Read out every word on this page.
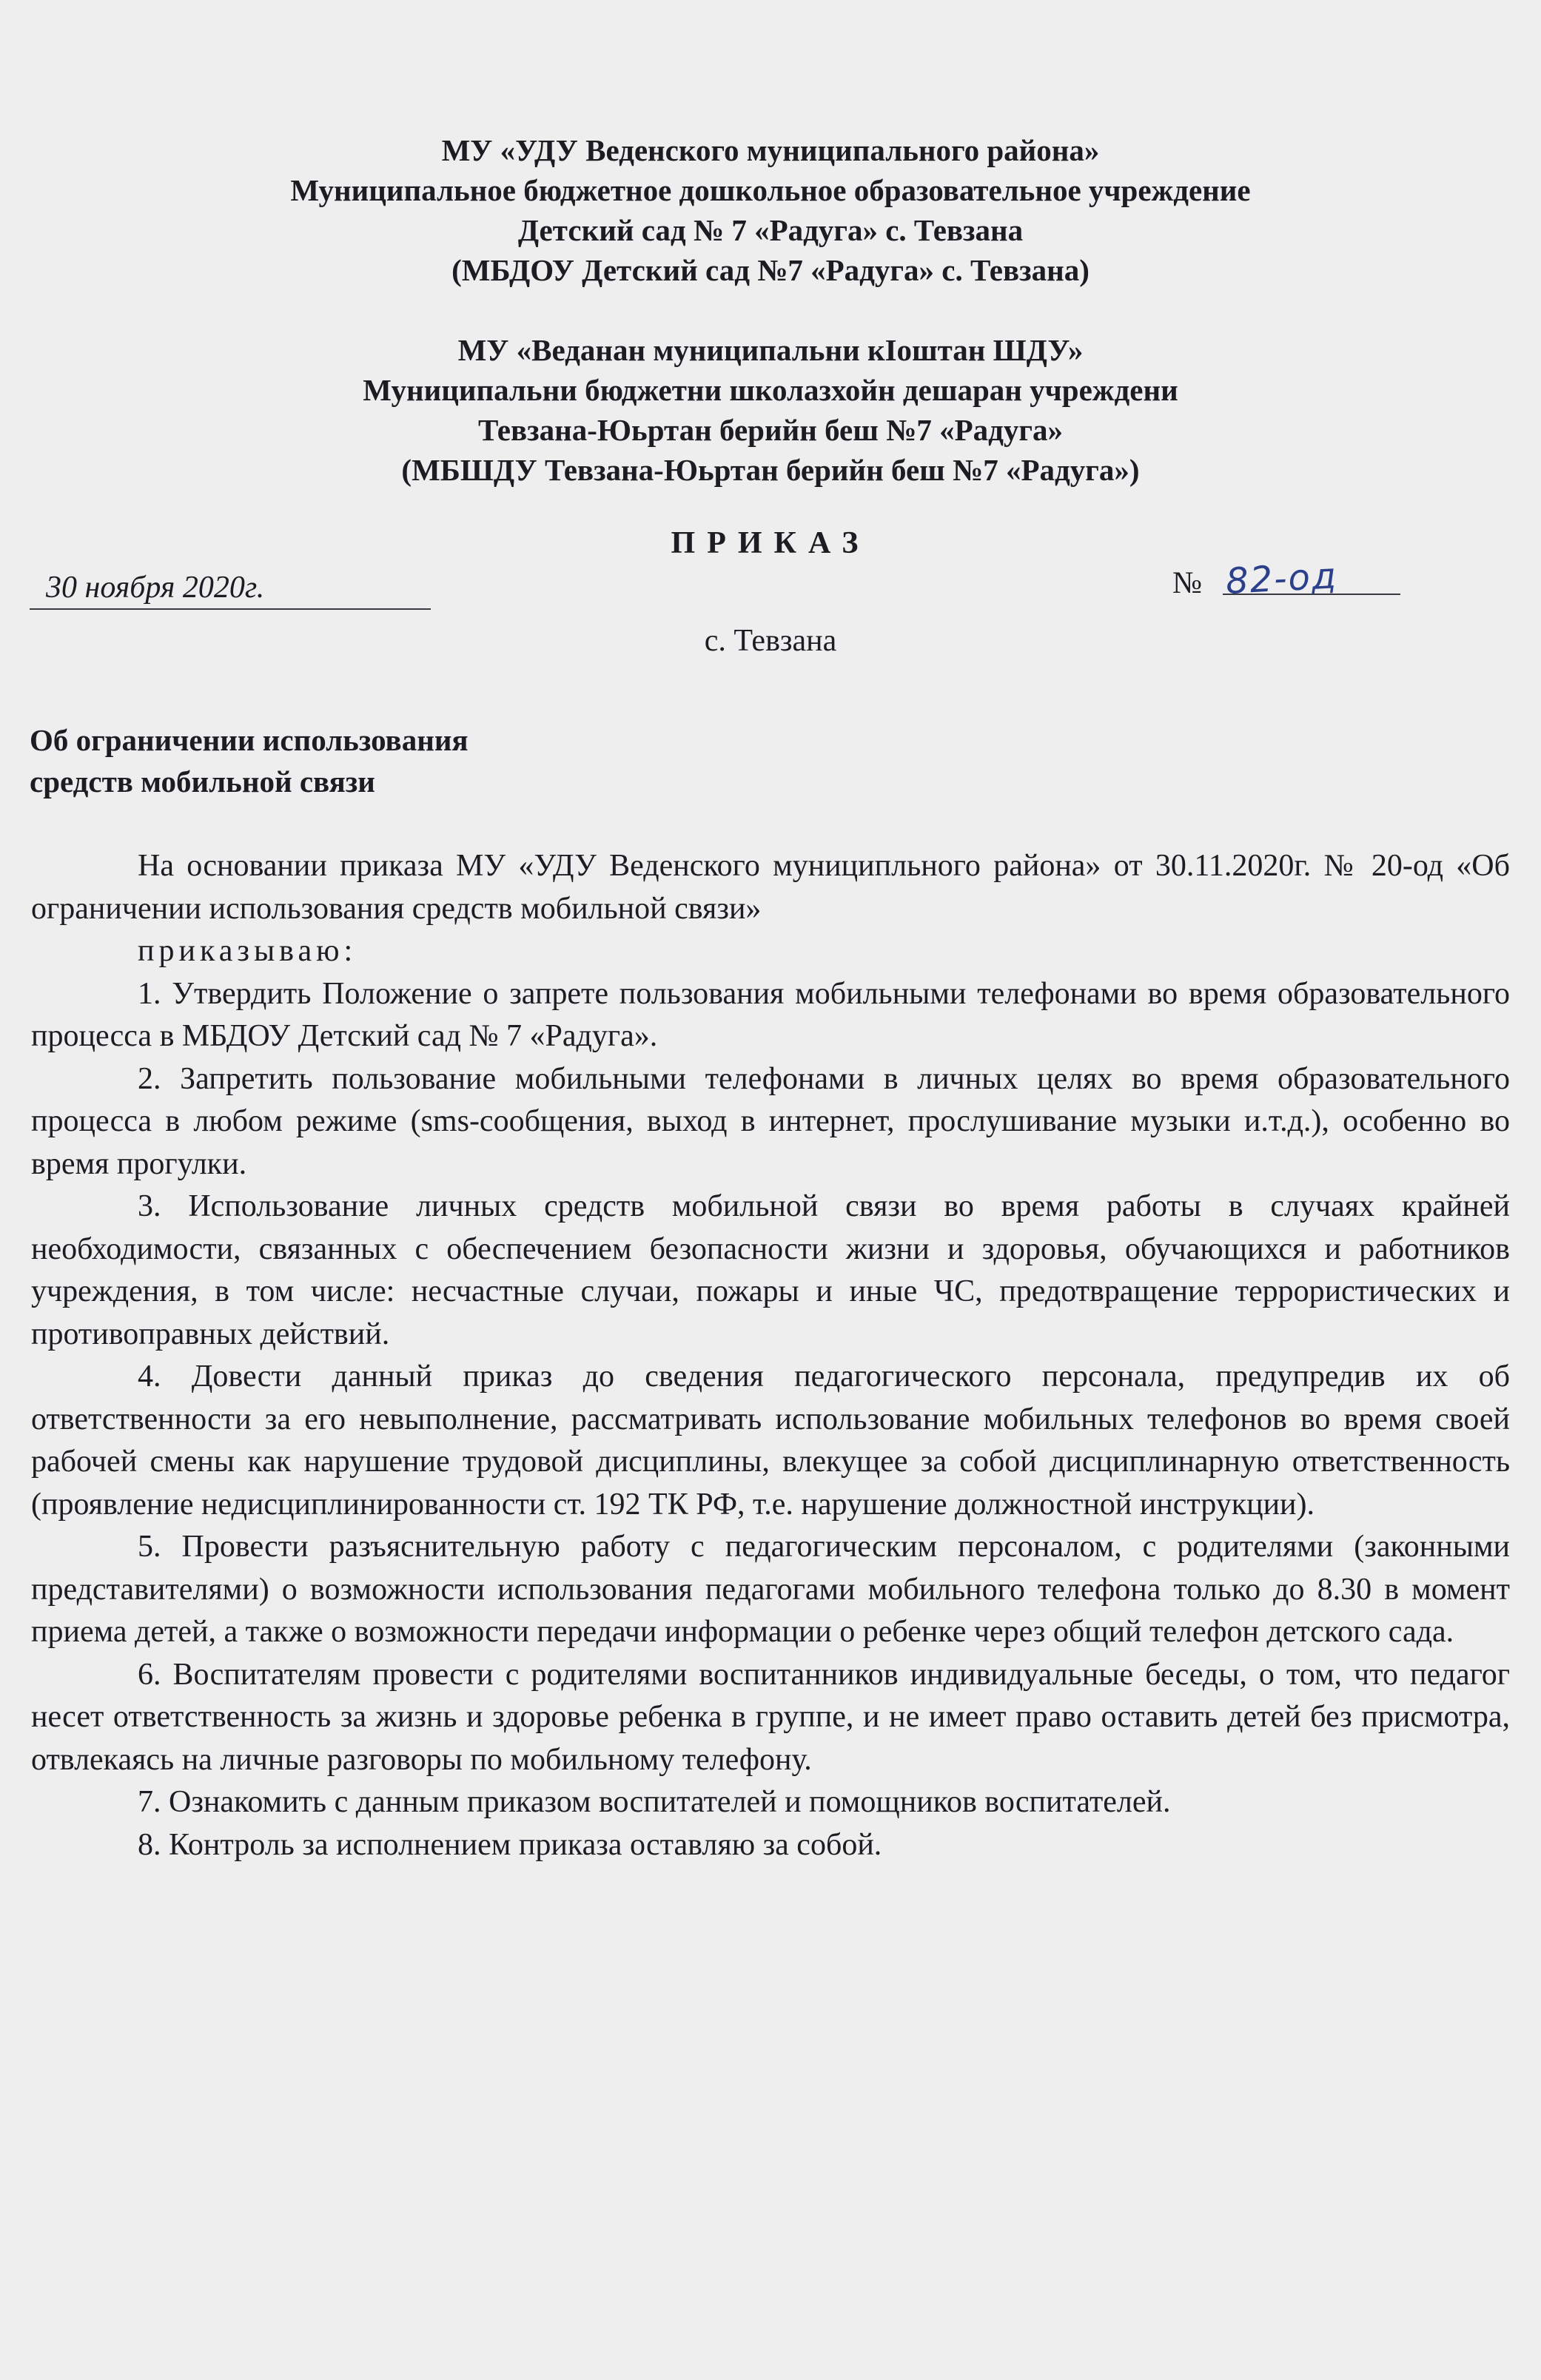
МУ «УДУ Веденского муниципального района»
Муниципальное бюджетное дошкольное образовательное учреждение
Детский сад № 7 «Радуга» с. Тевзана
(МБДОУ Детский сад №7 «Радуга» с. Тевзана)
МУ «Веданан муниципальни кIоштан ШДУ»
Муниципальни бюджетни школазхойн дешаран учреждени
Тевзана-Юьртан берийн беш №7 «Радуга»
(МБШДУ Тевзана-Юьртан берийн беш №7 «Радуга»)
ПРИКАЗ
30 ноября 2020г.	№ 82-од
с. Тевзана
Об ограничении использования
средств мобильной связи

На основании приказа МУ «УДУ Веденского муниципльного района» от 30.11.2020г. № 20-од «Об ограничении использования средств мобильной связи»

приказываю:

1. Утвердить Положение о запрете пользования мобильными телефонами во время образовательного процесса в МБДОУ Детский сад № 7 «Радуга».

2. Запретить пользование мобильными телефонами в личных целях во время образовательного процесса в любом режиме (sms-сообщения, выход в интернет, прослушивание музыки и.т.д.), особенно во время прогулки.

3. Использование личных средств мобильной связи во время работы в случаях крайней необходимости, связанных с обеспечением безопасности жизни и здоровья, обучающихся и работников учреждения, в том числе: несчастные случаи, пожары и иные ЧС, предотвращение террористических и противоправных действий.

4. Довести данный приказ до сведения педагогического персонала, предупредив их об ответственности за его невыполнение, рассматривать использование мобильных телефонов во время своей рабочей смены как нарушение трудовой дисциплины, влекущее за собой дисциплинарную ответственность (проявление недисциплинированности ст. 192 ТК РФ, т.е. нарушение должностной инструкции).

5. Провести разъяснительную работу с педагогическим персоналом, с родителями (законными представителями) о возможности использования педагогами мобильного телефона только до 8.30 в момент приема детей, а также о возможности передачи информации о ребенке через общий телефон детского сада.

6. Воспитателям провести с родителями воспитанников индивидуальные беседы, о том, что педагог несет ответственность за жизнь и здоровье ребенка в группе, и не имеет право оставить детей без присмотра, отвлекаясь на личные разговоры по мобильному телефону.

7. Ознакомить с данным приказом воспитателей и помощников воспитателей.

8. Контроль за исполнением приказа оставляю за собой.
